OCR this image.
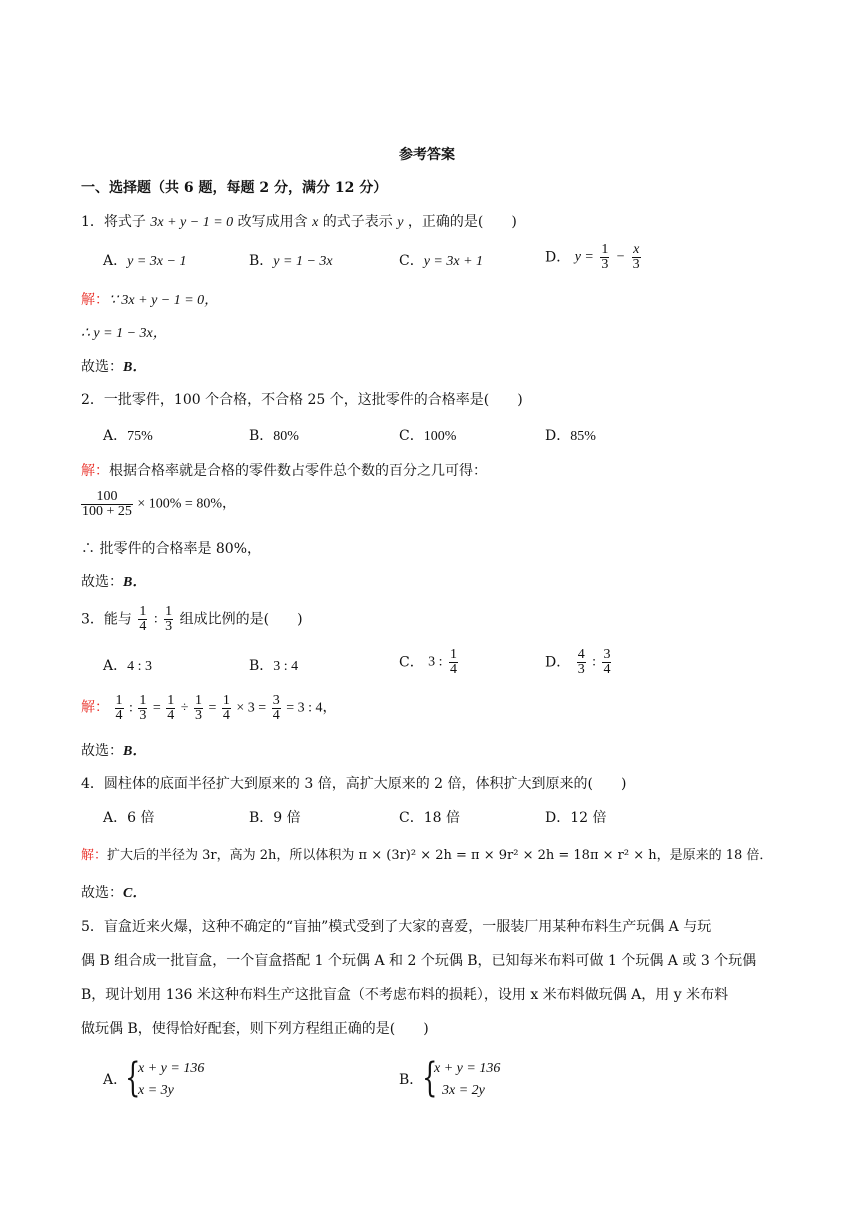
参考答案
一、选择题（共 6 题，每题 2 分，满分 12 分）
1．将式子 3x + y − 1 = 0 改写成用含 x 的式子表示 y ，正确的是(　　)
A．y = 3x − 1	B．y = 1 − 3x	C．y = 3x + 1	D． $y = \frac{1}{3} - \frac{x}{3}$
解：∵ 3x + y − 1 = 0，
∴ y = 1 − 3x，
故选：B．
2．一批零件，100 个合格，不合格 25 个，这批零件的合格率是(　　)
A．75%	B．80%	C．100%	D．85%
解：根据合格率就是合格的零件数占零件总个数的百分之几可得：
$\frac{100}{100 + 25} \times 100\% = 80\%$，
∴ 批零件的合格率是 80%，
故选：B．
3．能与 $\frac{1}{4}$ : $\frac{1}{3}$ 组成比例的是(　　)
A．4 : 3	B．3 : 4	C． 3 : $\frac{1}{4}$	D． $\frac{4}{3}$ : $\frac{3}{4}$
解： $\frac{1}{4}$ : $\frac{1}{3} = \frac{1}{4} \div \frac{1}{3} = \frac{1}{4} \times 3 = \frac{3}{4} = 3$ : 4，
故选：B．
4．圆柱体的底面半径扩大到原来的 3 倍，高扩大原来的 2 倍，体积扩大到原来的(　　)
A．6 倍	B．9 倍	C．18 倍	D．12 倍
解：扩大后的半径为 3r，高为 2h，所以体积为 π × (3r)² × 2h = π × 9r² × 2h = 18π × r² × h，是原来的 18 倍．
故选：C．
5．盲盒近来火爆，这种不确定的“盲抽”模式受到了大家的喜爱，一服装厂用某种布料生产玩偶 A 与玩
偶 B 组合成一批盲盒，一个盲盒搭配 1 个玩偶 A 和 2 个玩偶 B，已知每米布料可做 1 个玩偶 A 或 3 个玩偶
B，现计划用 136 米这种布料生产这批盲盒（不考虑布料的损耗），设用 x 米布料做玩偶 A，用 y 米布料
做玩偶 B，使得恰好配套，则下列方程组正确的是(　　)
A．
{
x + y = 136
x = 3y
B．
{
x + y = 136
3x = 2y
